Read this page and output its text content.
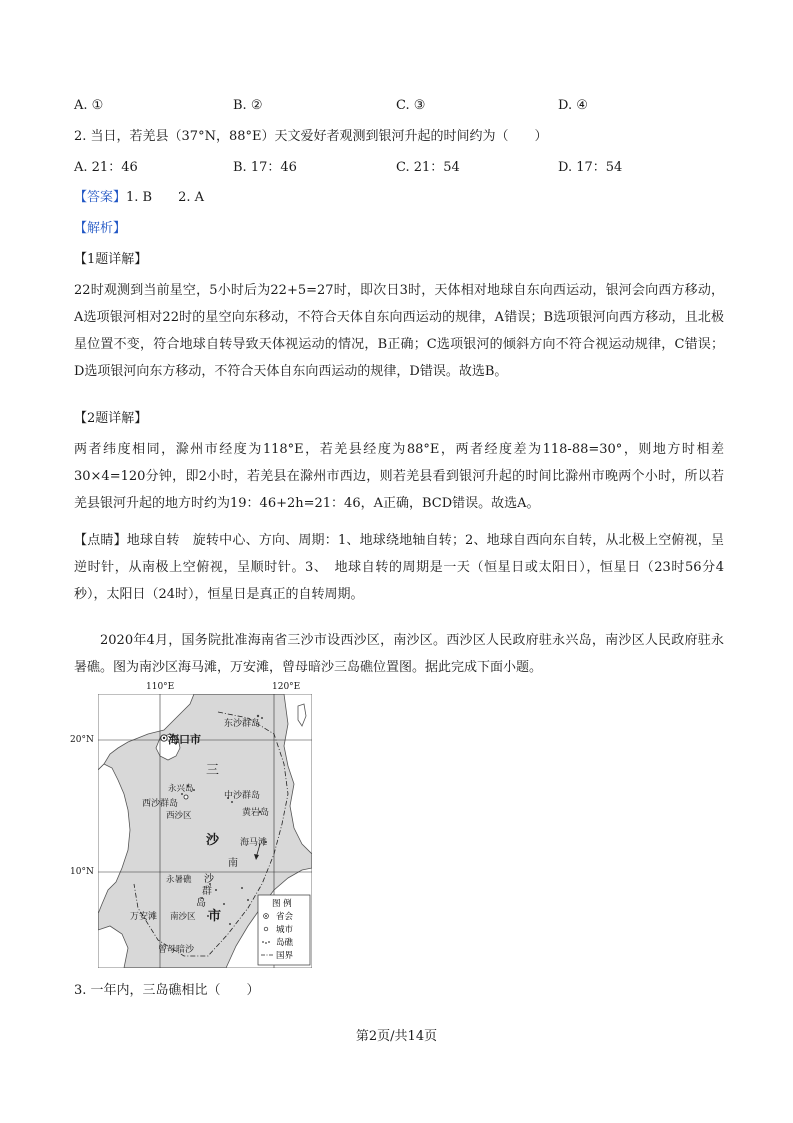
A. ①	B. ②	C. ③	D. ④
2. 当日，若羌县（37°N，88°E）天文爱好者观测到银河升起的时间约为（　　）
A. 21：46	B. 17：46	C. 21：54	D. 17：54
【答案】1. B　　2. A
【解析】
【1题详解】
22时观测到当前星空，5小时后为22+5=27时，即次日3时，天体相对地球自东向西运动，银河会向西方移动，A选项银河相对22时的星空向东移动，不符合天体自东向西运动的规律，A错误；B选项银河向西方移动，且北极星位置不变，符合地球自转导致天体视运动的情况，B正确；C选项银河的倾斜方向不符合视运动规律，C错误；D选项银河向东方移动，不符合天体自东向西运动的规律，D错误。故选B。
【2题详解】
两者纬度相同，滁州市经度为118°E，若羌县经度为88°E，两者经度差为118-88=30°，则地方时相差30×4=120分钟，即2小时，若羌县在滁州市西边，则若羌县看到银河升起的时间比滁州市晚两个小时，所以若羌县银河升起的地方时约为19：46+2h=21：46，A正确，BCD错误。故选A。
【点睛】地球自转　旋转中心、方向、周期：1、地球绕地轴自转；2、地球自西向东自转，从北极上空俯视，呈逆时针，从南极上空俯视，呈顺时针。3、　地球自转的周期是一天（恒星日或太阳日），恒星日（23时56分4秒），太阳日（24时），恒星日是真正的自转周期。
2020年4月，国务院批准海南省三沙市设西沙区，南沙区。西沙区人民政府驻永兴岛，南沙区人民政府驻永暑礁。图为南沙区海马滩，万安滩，曾母暗沙三岛礁位置图。据此完成下面小题。
海口市
东沙群岛
永兴岛
西沙群岛
西沙区
中沙群岛
黄岩岛
海马滩
永暑礁
万安滩 南沙区
曾母暗沙
三
沙
市
南
沙
群
岛	图 例
省会
城市
岛礁
国界
110°E	120°E
20°N
10°N
3. 一年内，三岛礁相比（　　）
第2页/共14页
